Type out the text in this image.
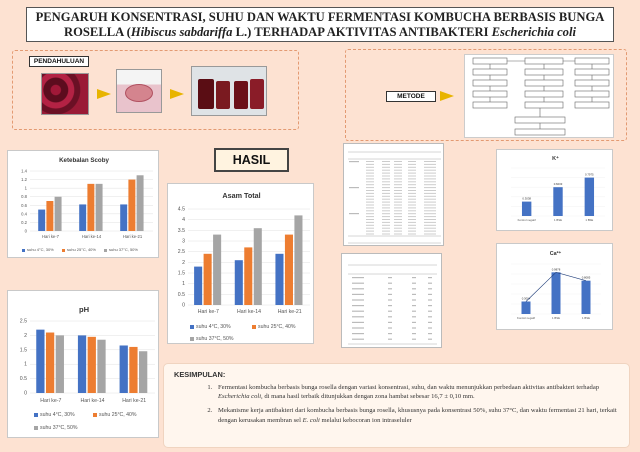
PENGARUH KONSENTRASI, SUHU DAN WAKTU FERMENTASI KOMBUCHA BERBASIS BUNGA
ROSELLA (Hibiscus sabdariffa L.) TERHADAP AKTIVITAS ANTIBAKTERI Escherichia coli
PENDAHULUAN
METODE
HASIL
Ketebalan Scoby
0
0.2
0.4
0.6
0.8
1
1.2
1.4
Hari ke-7	Hari ke-14	Hari ke-21
suhu 4°C, 30%	suhu 25°C, 40%	suhu 37°C, 50%
Asam Total
0
0.5
1
1.5
2
2.5
3
3.5
4
4.5
Hari ke-7	Hari ke-14	Hari ke-21
suhu 4°C, 30%	suhu 25°C, 40%
suhu 37°C, 50%
pH
0
0.5
1
1.5
2
2.5
Hari ke-7	Hari ke-14	Hari ke-21
suhu 4°C, 30%	suhu 25°C, 40%
suhu 37°C, 50%
K⁺
0.3038
Kontrol negatif
0.6033
1 BSE
0.7975
1 BSE
Ca²⁺
0.3004
Kontrol negatif
0.9878
1 BSE
0.8085
1 BSE
KESIMPULAN:
1. Fermentasi kombucha berbasis bunga rosella dengan variasi konsentrasi, suhu, dan waktu menunjukkan perbedaan aktivitas antibakteri terhadap Escherichia coli, di mana hasil terbaik ditunjukkan dengan zona hambat sebesar 16,7 ± 0,10 mm.
2. Mekanisme kerja antibakteri dari kombucha berbasis bunga rosella, khususnya pada konsentrasi 50%, suhu 37°C, dan waktu fermentasi 21 hari, terkait dengan kerusakan membran sel E. coli melalui kebocoran ion intraseluler
